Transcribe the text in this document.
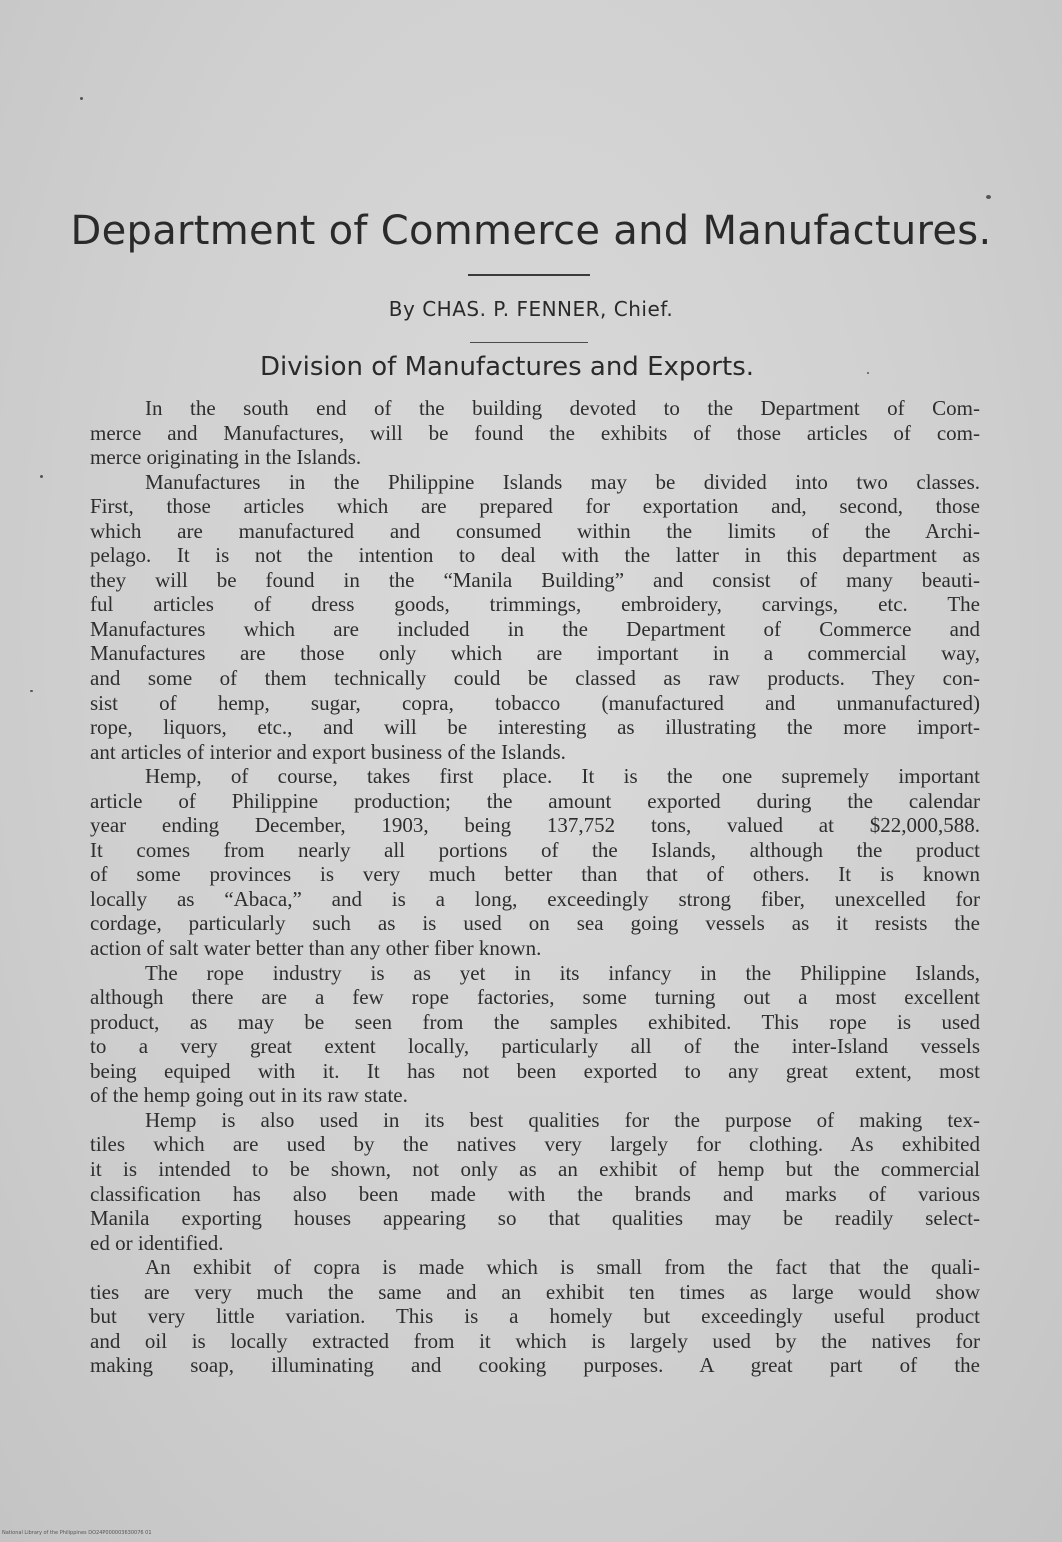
Department of Commerce and Manufactures.
By CHAS. P. FENNER, Chief.
Division of Manufactures and Exports.
In the south end of the building devoted to the Department of Com-
merce and Manufactures, will be found the exhibits of those articles of com-
merce originating in the Islands.
Manufactures in the Philippine Islands may be divided into two classes.
First, those articles which are prepared for exportation and, second, those
which are manufactured and consumed within the limits of the Archi-
pelago. It is not the intention to deal with the latter in this department as
they will be found in the “Manila Building” and consist of many beauti-
ful articles of dress goods, trimmings, embroidery, carvings, etc. The
Manufactures which are included in the Department of Commerce and
Manufactures are those only which are important in a commercial way,
and some of them technically could be classed as raw products. They con-
sist of hemp, sugar, copra, tobacco (manufactured and unmanufactured)
rope, liquors, etc., and will be interesting as illustrating the more import-
ant articles of interior and export business of the Islands.
Hemp, of course, takes first place. It is the one supremely important
article of Philippine production; the amount exported during the calendar
year ending December, 1903, being 137,752 tons, valued at $22,000,588.
It comes from nearly all portions of the Islands, although the product
of some provinces is very much better than that of others. It is known
locally as “Abaca,” and is a long, exceedingly strong fiber, unexcelled for
cordage, particularly such as is used on sea going vessels as it resists the
action of salt water better than any other fiber known.
The rope industry is as yet in its infancy in the Philippine Islands,
although there are a few rope factories, some turning out a most excellent
product, as may be seen from the samples exhibited. This rope is used
to a very great extent locally, particularly all of the inter-Island vessels
being equiped with it. It has not been exported to any great extent, most
of the hemp going out in its raw state.
Hemp is also used in its best qualities for the purpose of making tex-
tiles which are used by the natives very largely for clothing. As exhibited
it is intended to be shown, not only as an exhibit of hemp but the commercial
classification has also been made with the brands and marks of various
Manila exporting houses appearing so that qualities may be readily select-
ed or identified.
An exhibit of copra is made which is small from the fact that the quali-
ties are very much the same and an exhibit ten times as large would show
but very little variation. This is a homely but exceedingly useful product
and oil is locally extracted from it which is largely used by the natives for
making soap, illuminating and cooking purposes. A great part of the
National Library of the Philippines DO24P000003630076 01
